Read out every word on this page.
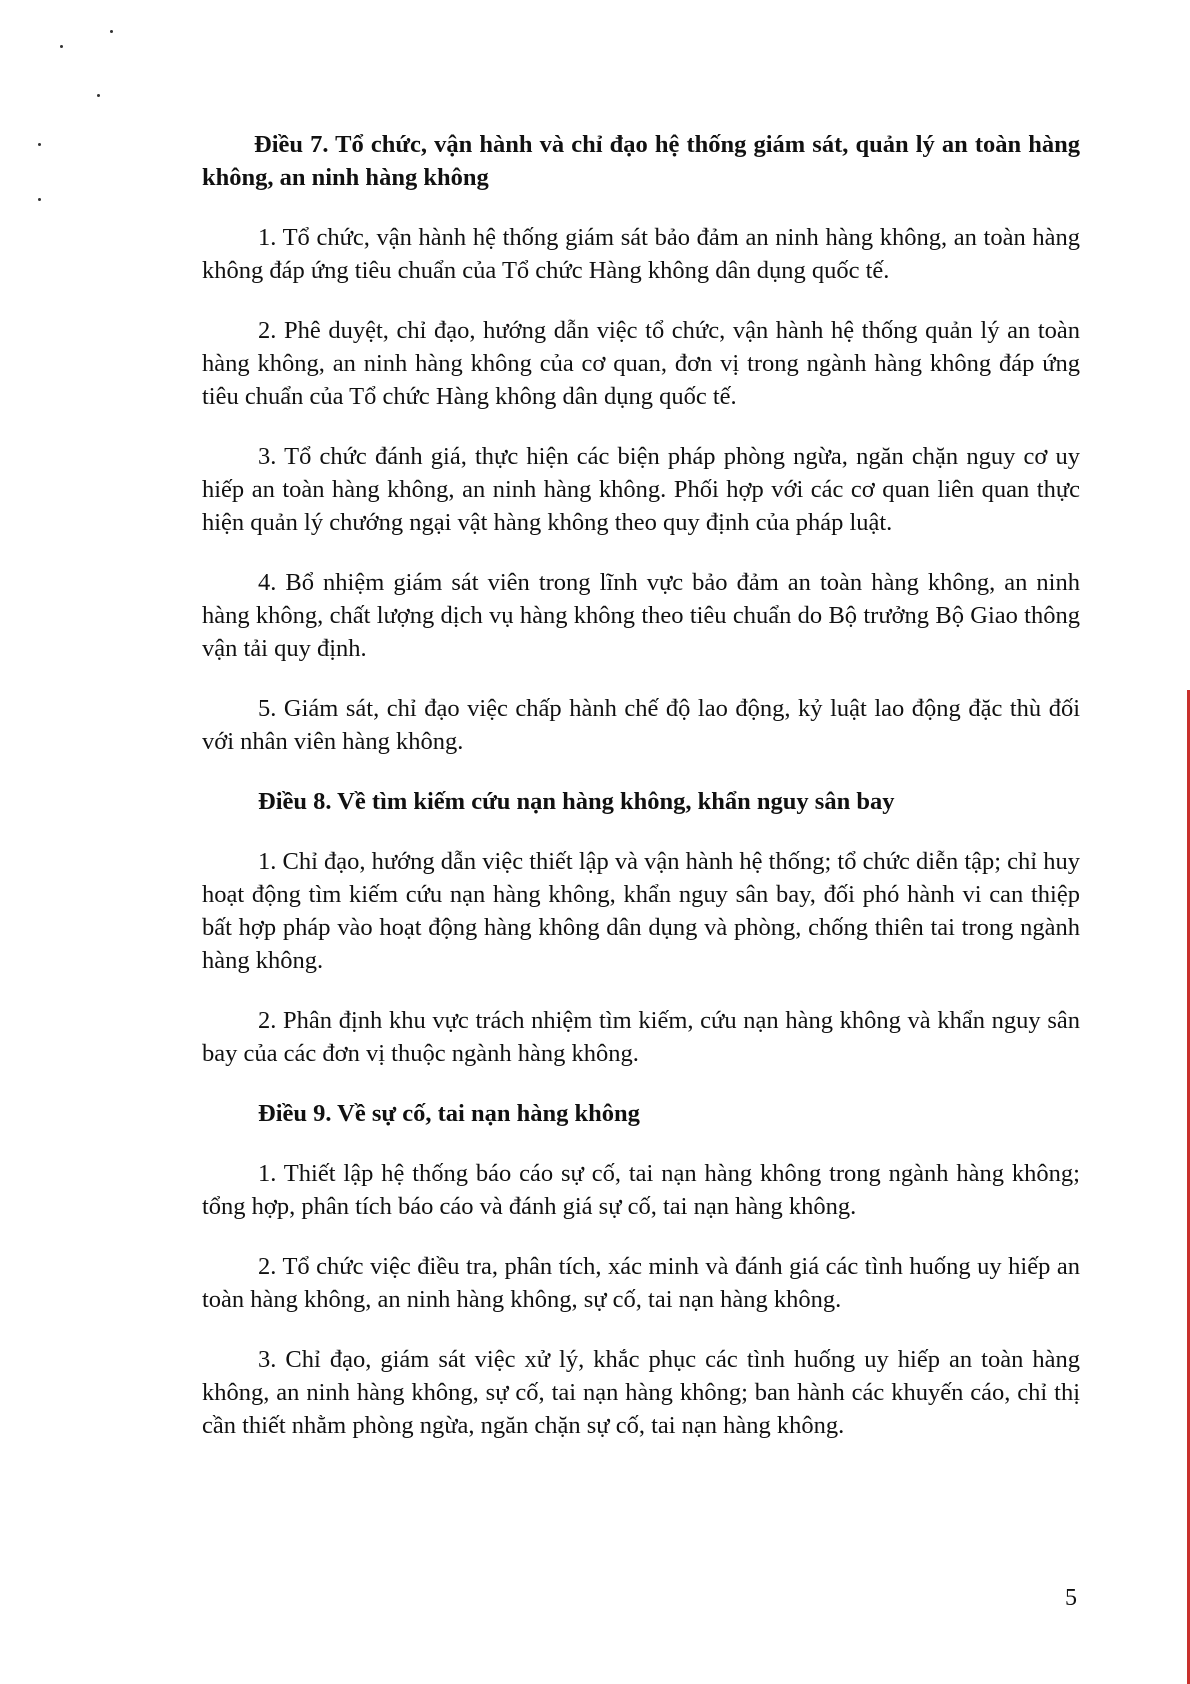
Điều 7. Tổ chức, vận hành và chỉ đạo hệ thống giám sát, quản lý an toàn hàng không, an ninh hàng không

1. Tổ chức, vận hành hệ thống giám sát bảo đảm an ninh hàng không, an toàn hàng không đáp ứng tiêu chuẩn của Tổ chức Hàng không dân dụng quốc tế.

2. Phê duyệt, chỉ đạo, hướng dẫn việc tổ chức, vận hành hệ thống quản lý an toàn hàng không, an ninh hàng không của cơ quan, đơn vị trong ngành hàng không đáp ứng tiêu chuẩn của Tổ chức Hàng không dân dụng quốc tế.

3. Tổ chức đánh giá, thực hiện các biện pháp phòng ngừa, ngăn chặn nguy cơ uy hiếp an toàn hàng không, an ninh hàng không. Phối hợp với các cơ quan liên quan thực hiện quản lý chướng ngại vật hàng không theo quy định của pháp luật.

4. Bổ nhiệm giám sát viên trong lĩnh vực bảo đảm an toàn hàng không, an ninh hàng không, chất lượng dịch vụ hàng không theo tiêu chuẩn do Bộ trưởng Bộ Giao thông vận tải quy định.

5. Giám sát, chỉ đạo việc chấp hành chế độ lao động, kỷ luật lao động đặc thù đối với nhân viên hàng không.

Điều 8. Về tìm kiếm cứu nạn hàng không, khẩn nguy sân bay

1. Chỉ đạo, hướng dẫn việc thiết lập và vận hành hệ thống; tổ chức diễn tập; chỉ huy hoạt động tìm kiếm cứu nạn hàng không, khẩn nguy sân bay, đối phó hành vi can thiệp bất hợp pháp vào hoạt động hàng không dân dụng và phòng, chống thiên tai trong ngành hàng không.

2. Phân định khu vực trách nhiệm tìm kiếm, cứu nạn hàng không và khẩn nguy sân bay của các đơn vị thuộc ngành hàng không.

Điều 9. Về sự cố, tai nạn hàng không

1. Thiết lập hệ thống báo cáo sự cố, tai nạn hàng không trong ngành hàng không; tổng hợp, phân tích báo cáo và đánh giá sự cố, tai nạn hàng không.

2. Tổ chức việc điều tra, phân tích, xác minh và đánh giá các tình huống uy hiếp an toàn hàng không, an ninh hàng không, sự cố, tai nạn hàng không.

3. Chỉ đạo, giám sát việc xử lý, khắc phục các tình huống uy hiếp an toàn hàng không, an ninh hàng không, sự cố, tai nạn hàng không; ban hành các khuyến cáo, chỉ thị cần thiết nhằm phòng ngừa, ngăn chặn sự cố, tai nạn hàng không.

5
